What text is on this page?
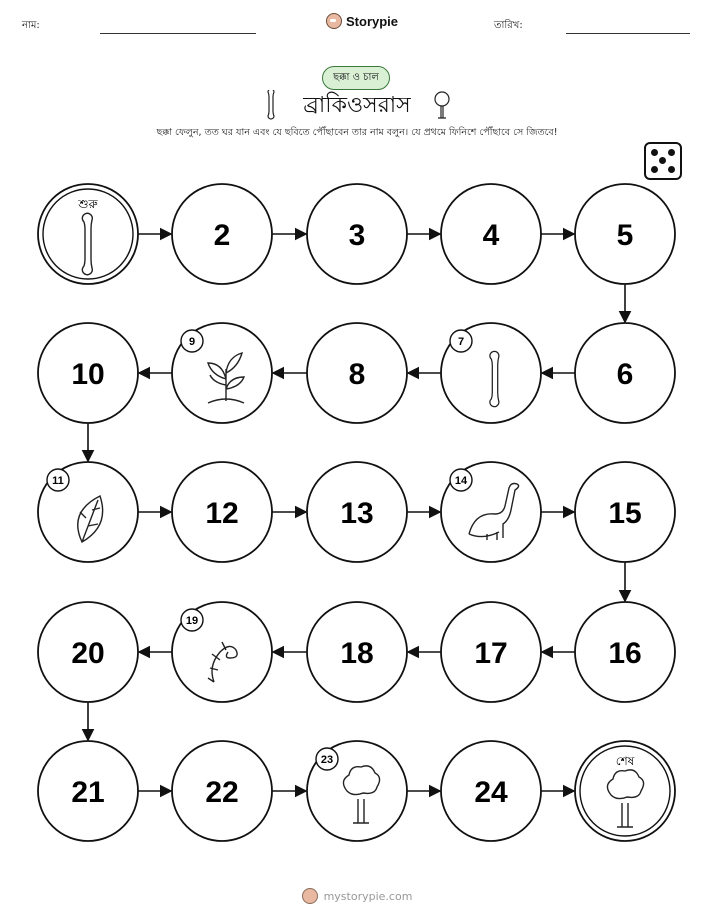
নাম:	Storypie	তারিখ:
ছক্কা ও চাল
ব্রাকিওসরাস
ছক্কা ফেলুন, তত ঘর যান এবং যে ছবিতে পৌঁছাবেন তার নাম বলুন। যে প্রথমে ফিনিশে পৌঁছাবে সে জিতবে!
শুরু
2	3	4	5
6
7
8
9
10
11
12	13
14
15
16
17
18
19
20
21	22
23
24
শেষ
mystorypie.com
